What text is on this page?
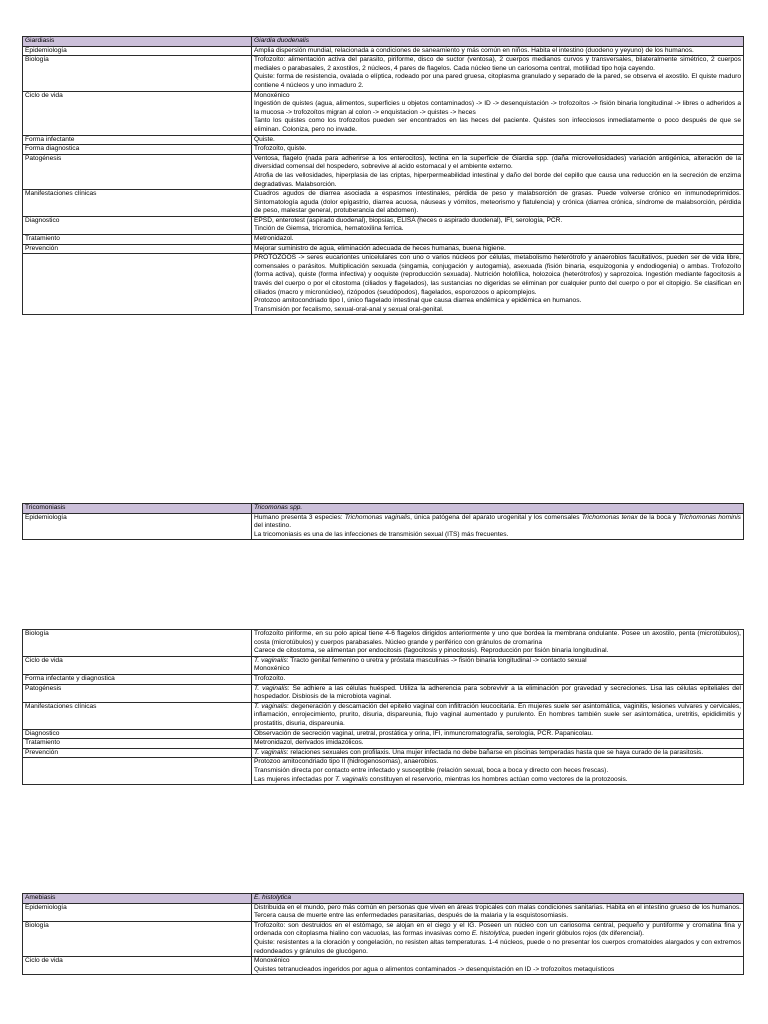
Giardiasis	Giardia duodenalis
Epidemiología	Amplia dispersión mundial, relacionada a condiciones de saneamiento y más común en niños. Habita el intestino (duodeno y yeyuno) de los humanos.

Biología	Trofozoíto: alimentación activa del parasito, piriforme, disco de suctor (ventosa), 2 cuerpos medianos curvos y transversales, bilateralmente simétrico, 2 cuerpos mediales o parabasales, 2 axostilos, 2 núcleos, 4 pares de flagelos. Cada núcleo tiene un cariosoma central, motilidad tipo hoja cayendo.
Quiste: forma de resistencia, ovalada o elíptica, rodeado por una pared gruesa, citoplasma granulado y separado de la pared, se observa el axostilo. El quiste maduro contiene 4 núcleos y uno inmaduro 2.

Ciclo de vida	Monoxénico
Ingestión de quistes (agua, alimentos, superficies u objetos contaminados) -> ID -> desenquistación -> trofozoítos -> fisión binaria longitudinal -> libres o adheridos a la mucosa -> trofozoítos migran al colon -> enquistacion -> quistes -> heces
Tanto los quistes como los trofozoítos pueden ser encontrados en las heces del paciente. Quistes son infecciosos inmediatamente o poco después de que se eliminan. Coloniza, pero no invade.

Forma infectante	Quiste.

Forma diagnostica	Trofozoíto, quiste.

Patogénesis	Ventosa, flagelo (nada para adherirse a los enterocitos), lectina en la superficie de Giardia spp. (daña microvellosidades) variación antigénica, alteración de la diversidad comensal del hospedero, sobrevive al acido estomacal y el ambiente externo.
Atrofia de las vellosidades, hiperplasia de las criptas, hiperpermeabilidad intestinal y daño del borde del cepillo que causa una reducción en la secreción de enzima degradativas. Malabsorción.

Manifestaciones clínicas	Cuadros agudos de diarrea asociada a espasmos intestinales, pérdida de peso y malabsorción de grasas. Puede volverse crónico en inmunodeprimidos. Sintomatología aguda (dolor epigastrio, diarrea acuosa, náuseas y vómitos, meteorismo y flatulencia) y crónica (diarrea crónica, síndrome de malabsorción, pérdida de peso, malestar general, protuberancia del abdomen).

Diagnostico	EPSD, enterotest (aspirado duodenal), biopsias, ELISA (heces o aspirado duodenal), IFI, serología, PCR.
Tinción de Giemsa, tricromica, hematoxilina ferrica.

Tratamiento	Metronidazol.

Prevención	Mejorar suministro de agua, eliminación adecuada de heces humanas, buena higiene.

	PROTOZOOS -> seres eucariontes unicelulares con uno o varios núcleos por células, metabolismo heterótrofo y anaerobios facultativos, pueden ser de vida libre, comensales o parásitos. Multiplicación sexuada (singamia, conjugación y autogamia), asexuada (fisión binaria, esquizogonia y endodiogenia) o ambas. Trofozoíto (forma activa), quiste (forma infectiva) y ooquiste (reproducción sexuada). Nutrición holofílica, holozoica (heterótrofos) y saprozoica. Ingestión mediante fagocitosis a través del cuerpo o por el citostoma (ciliados y flagelados), las sustancias no digeridas se eliminan por cualquier punto del cuerpo o por el citopigio. Se clasifican en ciliados (macro y micronúcleo), rizópodos (seudópodos), flagelados, esporozoos o apicomplejos.
Protozoo amitocondriado tipo I, único flagelado intestinal que causa diarrea endémica y epidémica en humanos.
Transmisión por fecalismo, sexual-oral-anal y sexual oral-genital.
Tricomoniasis	Tricomonas spp.
Epidemiología	Humano presenta 3 especies: Trichomonas vaginalis, única patógena del aparato urogenital y los comensales Trichomonas tenax de la boca y Trichomonas hominis del intestino.
La tricomoniasis es una de las infecciones de transmisión sexual (ITS) más frecuentes.
Biología	Trofozoíto piriforme, en su polo apical tiene 4-6 flagelos dirigidos anteriormente y uno que bordea la membrana ondulante. Posee un axostilo, penta (microtúbulos), costa (microtúbulos) y cuerpos parabasales. Núcleo grande y periférico con gránulos de cromarina
Carece de citostoma, se alimentan por endocitosis (fagocitosis y pinocitosis). Reproducción por fisión binaria longitudinal.

Ciclo de vida	T. vaginalis: Tracto genital femenino o uretra y próstata masculinas -> fisión binaria longitudinal -> contacto sexual
Monoxénico

Forma infectante y diagnostica	Trofozoíto.
Patogénesis	T. vaginalis: Se adhiere a las células huésped. Utiliza la adherencia para sobrevivir a la eliminación por gravedad y secreciones. Lisa las células epiteliales del hospedador. Disbiosis de la microbiota vaginal.
Manifestaciones clínicas	T. vaginalis: degeneración y descamación del epitelio vaginal con infiltración leucocitaria. En mujeres suele ser asintomática, vaginitis, lesiones vulvares y cervicales, inflamación, enrojecimiento, prurito, disuria, dispareunia, flujo vaginal aumentado y purulento. En hombres también suele ser asintomática, uretritis, epididimitis y prostatitis, disuria, dispareunia.
Diagnostico	Observación de secreción vaginal, uretral, prostática y orina, IFI, inmuncromatografía, serología, PCR. Papanicolau.
Tratamiento	Metronidazol, derivados imidazólicos.
Prevención	T. vaginalis: relaciones sexuales con profilaxis. Una mujer infectada no debe bañarse en piscinas temperadas hasta que se haya curado de la parasitosis.

	Protozoo amitocondriado tipo II (hidrogenosomas), anaerobios.
Transmisión directa por contacto entre infectado y susceptible (relación sexual, boca a boca y directo con heces frescas).
Las mujeres infectadas por T. vaginalis constituyen el reservorio, mientras los hombres actúan como vectores de la protozoosis.
Amebiasis	E. histolytica
Epidemiología	Distribuida en el mundo, pero más común en personas que viven en áreas tropicales con malas condiciones sanitarias. Habita en el intestino grueso de los humanos. Tercera causa de muerte entre las enfermedades parasitarias, después de la malaria y la esquistosomiasis.
Biología	Trofozoíto: son destruidos en el estómago, se alojan en el ciego y el IG. Poseen un núcleo con un cariosoma central, pequeño y puntiforme y cromatina fina y ordenada con citoplasma hialino con vacuolas, las formas invasivas como E. histolytica, pueden ingerir glóbulos rojos (dx diferencial).
Quiste: resistentes a la cloración y congelación, no resisten altas temperaturas. 1-4 núcleos, puede o no presentar los cuerpos cromatoides alargados y con extremos redondeados y gránulos de glucógeno.

Ciclo de vida	Monoxénico
Quistes tetranucleados ingeridos por agua o alimentos contaminados -> desenquistación en ID -> trofozoítos metaquísticos
